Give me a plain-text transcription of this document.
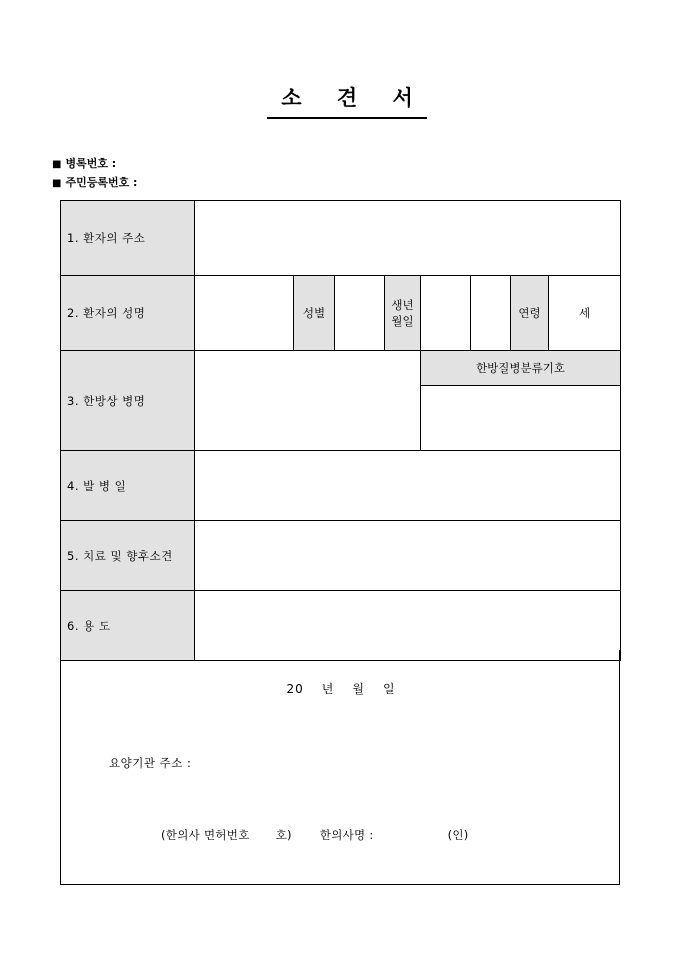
소 견 서
■ 병록번호 :
■ 주민등록번호 :
1. 환자의 주소								
2. 환자의 성명		성별		생년
월일			연령	세
3. 한방상 병명					한방질병분류기호			

4. 발 병 일								
5. 치료 및 향후소견								
6. 용 도								
20 년 월 일
요양기관 주소 :
(한의사 면허번호 호) 한의사명 :	(인)
